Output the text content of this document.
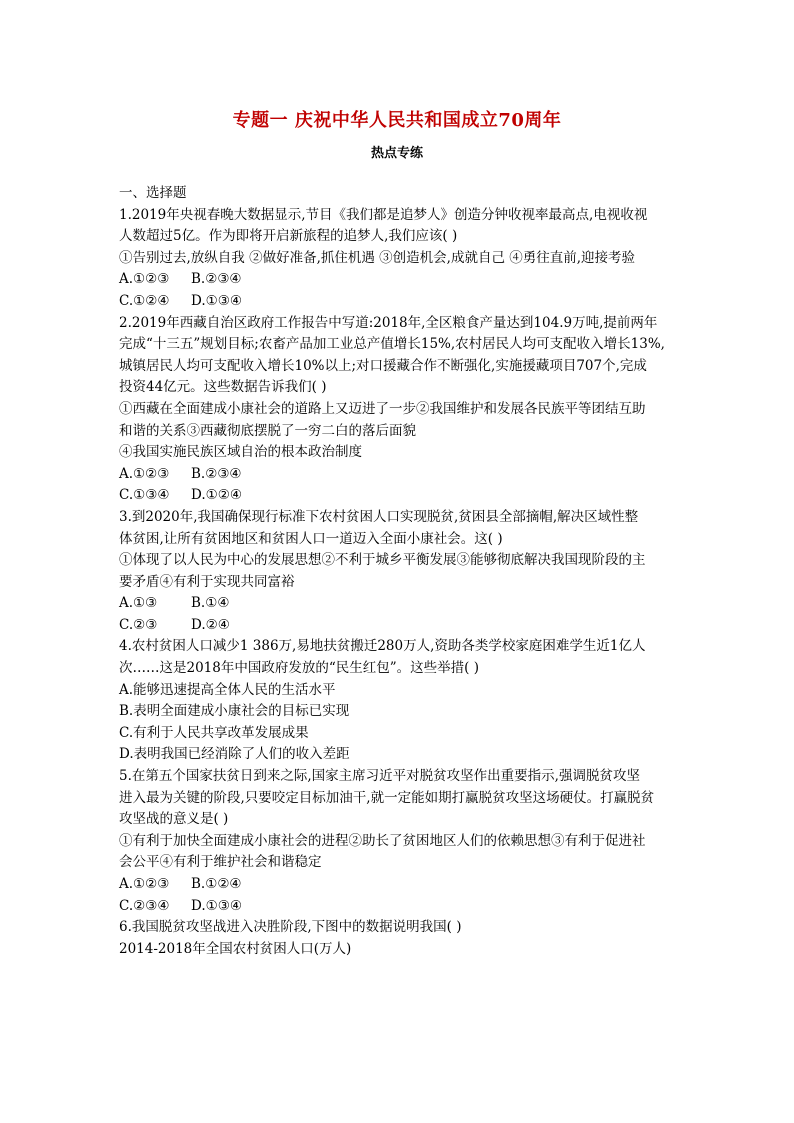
专题一 庆祝中华人民共和国成立70周年
热点专练
一、选择题
1.2019年央视春晚大数据显示,节目《我们都是追梦人》创造分钟收视率最高点,电视收视
人数超过5亿。作为即将开启新旅程的追梦人,我们应该( )
①告别过去,放纵自我 ②做好准备,抓住机遇 ③创造机会,成就自己 ④勇往直前,迎接考验
A.①②③ B.②③④
C.①②④ D.①③④
2.2019年西藏自治区政府工作报告中写道:2018年,全区粮食产量达到104.9万吨,提前两年
完成“十三五”规划目标;农畜产品加工业总产值增长15%,农村居民人均可支配收入增长13%,
城镇居民人均可支配收入增长10%以上;对口援藏合作不断强化,实施援藏项目707个,完成
投资44亿元。这些数据告诉我们( )
①西藏在全面建成小康社会的道路上又迈进了一步②我国维护和发展各民族平等团结互助
和谐的关系③西藏彻底摆脱了一穷二白的落后面貌
④我国实施民族区域自治的根本政治制度
A.①②③ B.②③④
C.①③④ D.①②④
3.到2020年,我国确保现行标准下农村贫困人口实现脱贫,贫困县全部摘帽,解决区域性整
体贫困,让所有贫困地区和贫困人口一道迈入全面小康社会。这( )
①体现了以人民为中心的发展思想②不利于城乡平衡发展③能够彻底解决我国现阶段的主
要矛盾④有利于实现共同富裕
A.①③	B.①④
C.②③ D.②④
4.农村贫困人口减少1 386万,易地扶贫搬迁280万人,资助各类学校家庭困难学生近1亿人
次……这是2018年中国政府发放的“民生红包”。这些举措( )
A.能够迅速提高全体人民的生活水平
B.表明全面建成小康社会的目标已实现
C.有利于人民共享改革发展成果
D.表明我国已经消除了人们的收入差距
5.在第五个国家扶贫日到来之际,国家主席习近平对脱贫攻坚作出重要指示,强调脱贫攻坚
进入最为关键的阶段,只要咬定目标加油干,就一定能如期打赢脱贫攻坚这场硬仗。打赢脱贫
攻坚战的意义是( )
①有利于加快全面建成小康社会的进程②助长了贫困地区人们的依赖思想③有利于促进社
会公平④有利于维护社会和谐稳定
A.①②③ B.①②④
C.②③④ D.①③④
6.我国脱贫攻坚战进入决胜阶段,下图中的数据说明我国( )
2014-2018年全国农村贫困人口(万人)
